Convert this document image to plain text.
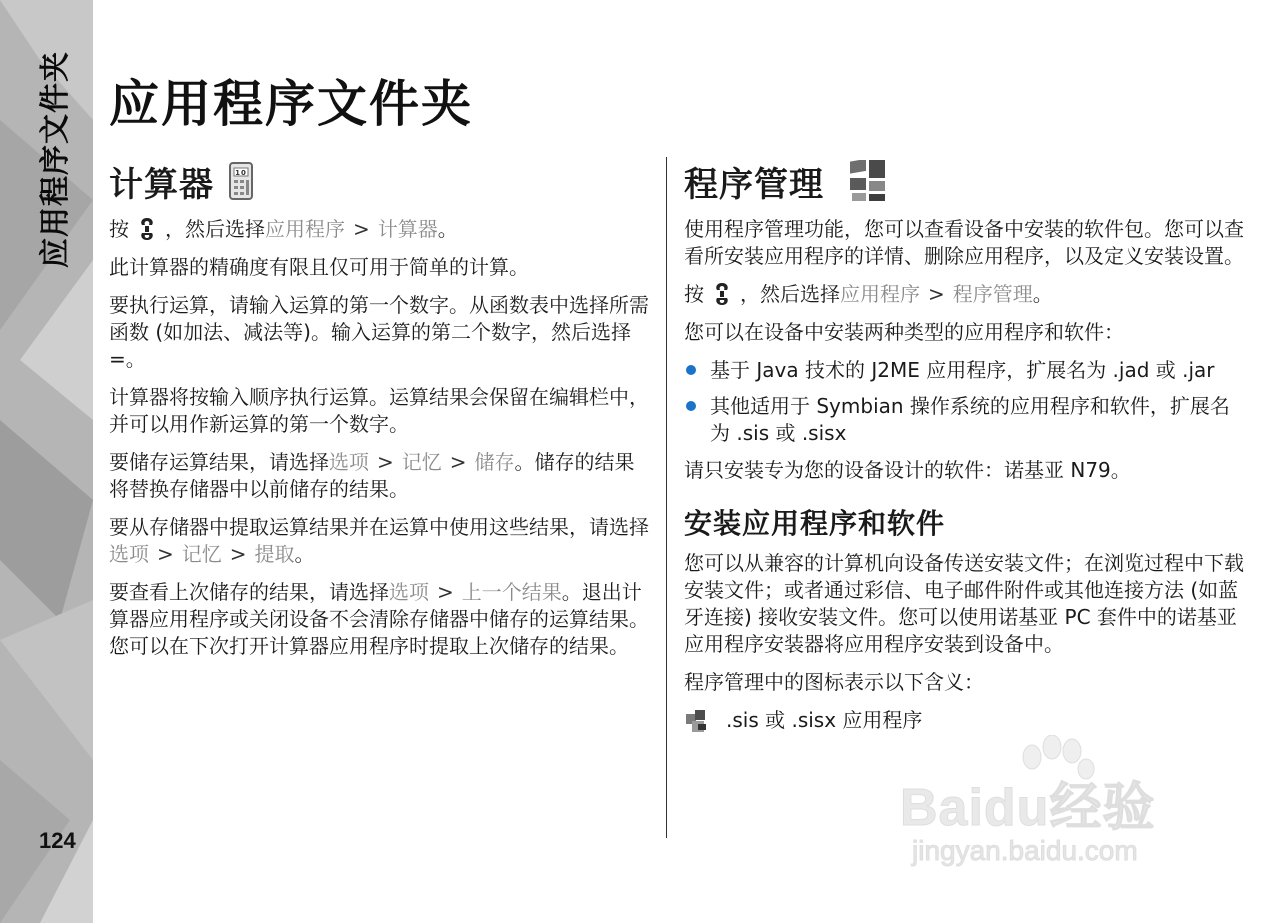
应用程序文件夹
124
应用程序文件夹
计算器	10

按 ，然后选择应用程序 > 计算器。

此计算器的精确度有限且仅可用于简单的计算。

要执行运算，请输入运算的第一个数字。从函数表中选择所需函数 (如加法、减法等)。输入运算的第二个数字，然后选择 =。

计算器将按输入顺序执行运算。运算结果会保留在编辑栏中，并可以用作新运算的第一个数字。

要储存运算结果，请选择选项 > 记忆 > 储存。储存的结果将替换存储器中以前储存的结果。

要从存储器中提取运算结果并在运算中使用这些结果，请选择选项 > 记忆 > 提取。

要查看上次储存的结果，请选择选项 > 上一个结果。退出计算器应用程序或关闭设备不会清除存储器中储存的运算结果。您可以在下次打开计算器应用程序时提取上次储存的结果。

程序管理

使用程序管理功能，您可以查看设备中安装的软件包。您可以查看所安装应用程序的详情、删除应用程序，以及定义安装设置。

按 ，然后选择应用程序 > 程序管理。

您可以在设备中安装两种类型的应用程序和软件：

基于 Java 技术的 J2ME 应用程序，扩展名为 .jad 或 .jar
其他适用于 Symbian 操作系统的应用程序和软件，扩展名为 .sis 或 .sisx

请只安装专为您的设备设计的软件：诺基亚 N79。

安装应用程序和软件

您可以从兼容的计算机向设备传送安装文件；在浏览过程中下载安装文件；或者通过彩信、电子邮件附件或其他连接方法 (如蓝牙连接) 接收安装文件。您可以使用诺基亚 PC 套件中的诺基亚应用程序安装器将应用程序安装到设备中。

程序管理中的图标表示以下含义：

.sis 或 .sisx 应用程序
Baidu经验
jingyan.baidu.com
